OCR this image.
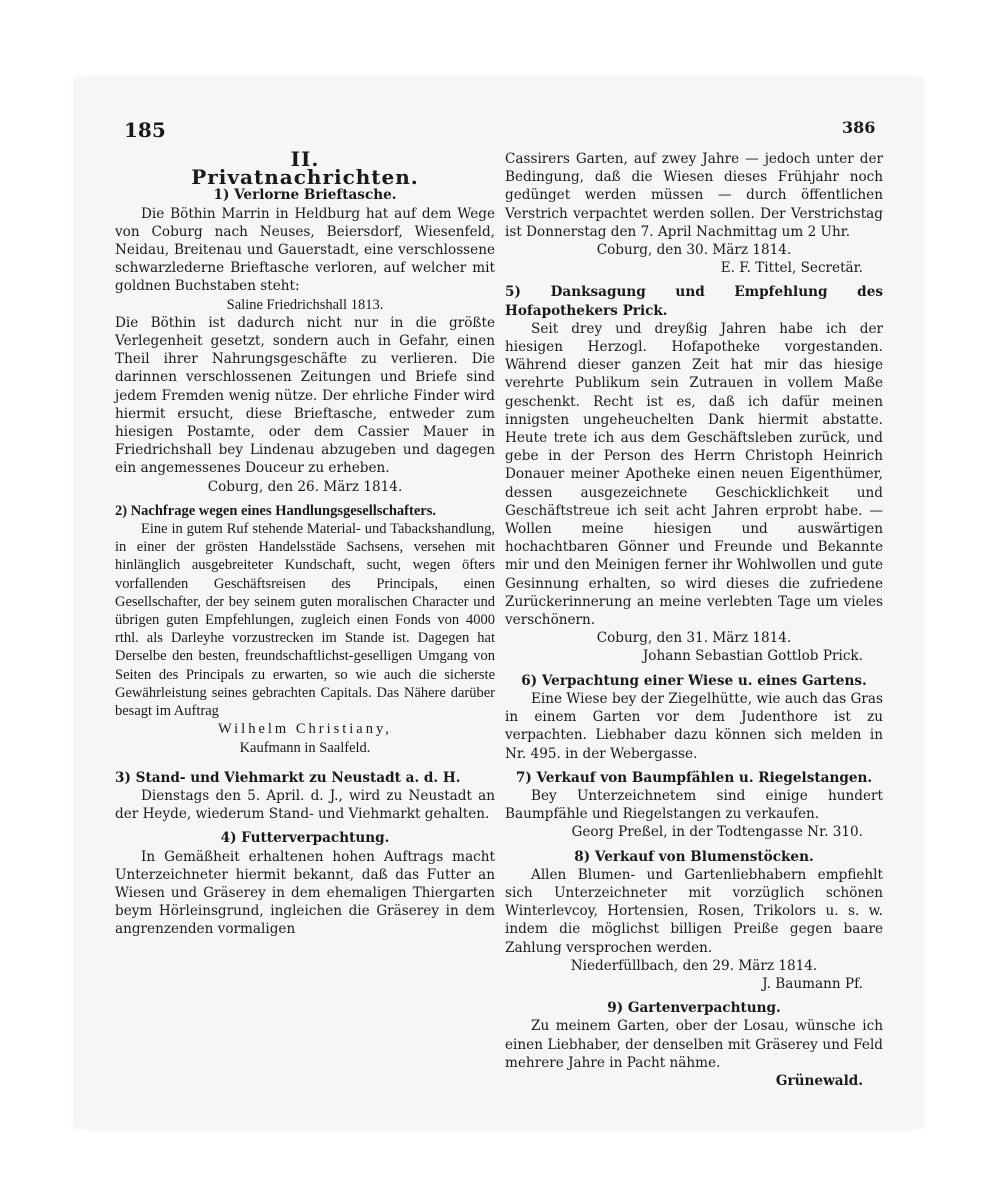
185	386
II.
Privatnachrichten.

1) Verlorne Brieftasche.

Die Böthin Marrin in Heldburg hat auf dem Wege von Coburg nach Neuses, Beiersdorf, Wiesenfeld, Neidau, Breitenau und Gauerstadt, eine verschlossene schwarzlederne Brieftasche verloren, auf welcher mit goldnen Buchstaben steht:

Saline Friedrichshall 1813.

Die Böthin ist dadurch nicht nur in die größte Verlegenheit gesetzt, sondern auch in Gefahr, einen Theil ihrer Nahrungsgeschäfte zu verlieren. Die darinnen verschlossenen Zeitungen und Briefe sind jedem Fremden wenig nütze. Der ehrliche Finder wird hiermit ersucht, diese Brieftasche, entweder zum hiesigen Postamte, oder dem Cassier Mauer in Friedrichshall bey Lindenau abzugeben und dagegen ein angemessenes Douceur zu erheben.

Coburg, den 26. März 1814.

2) Nachfrage wegen eines Handlungsgesellschafters.

Eine in gutem Ruf stehende Material- und Tabackshandlung, in einer der grösten Handelsstäde Sachsens, versehen mit hinlänglich ausgebreiteter Kundschaft, sucht, wegen öfters vorfallenden Geschäftsreisen des Principals, einen Gesellschafter, der bey seinem guten moralischen Character und übrigen guten Empfehlungen, zugleich einen Fonds von 4000 rthl. als Darleyhe vorzustrecken im Stande ist. Dagegen hat Derselbe den besten, freundschaftlichst-geselligen Umgang von Seiten des Principals zu erwarten, so wie auch die sicherste Gewährleistung seines gebrachten Capitals. Das Nähere darüber besagt im Auftrag

Wilhelm Christiany,

Kaufmann in Saalfeld.

3) Stand- und Viehmarkt zu Neustadt a. d. H.

Dienstags den 5. April. d. J., wird zu Neustadt an der Heyde, wiederum Stand- und Viehmarkt gehalten.

4) Futterverpachtung.

In Gemäßheit erhaltenen hohen Auftrags macht Unterzeichneter hiermit bekannt, daß das Futter an Wiesen und Gräserey in dem ehemaligen Thiergarten beym Hörleinsgrund, ingleichen die Gräserey in dem angrenzenden vormaligen

Cassirers Garten, auf zwey Jahre — jedoch unter der Bedingung, daß die Wiesen dieses Frühjahr noch gedünget werden müssen — durch öffentlichen Verstrich verpachtet werden sollen. Der Verstrichstag ist Donnerstag den 7. April Nachmittag um 2 Uhr.

Coburg, den 30. März 1814.

E. F. Tittel, Secretär.

5) Danksagung und Empfehlung des Hofapothekers Prick.

Seit drey und dreyßig Jahren habe ich der hiesigen Herzogl. Hofapotheke vorgestanden. Während dieser ganzen Zeit hat mir das hiesige verehrte Publikum sein Zutrauen in vollem Maße geschenkt. Recht ist es, daß ich dafür meinen innigsten ungeheuchelten Dank hiermit abstatte. Heute trete ich aus dem Geschäftsleben zurück, und gebe in der Person des Herrn Christoph Heinrich Donauer meiner Apotheke einen neuen Eigenthümer, dessen ausgezeichnete Geschicklichkeit und Geschäftstreue ich seit acht Jahren erprobt habe. — Wollen meine hiesigen und auswärtigen hochachtbaren Gönner und Freunde und Bekannte mir und den Meinigen ferner ihr Wohlwollen und gute Gesinnung erhalten, so wird dieses die zufriedene Zurückerinnerung an meine verlebten Tage um vieles verschönern.

Coburg, den 31. März 1814.

Johann Sebastian Gottlob Prick.

6) Verpachtung einer Wiese u. eines Gartens.

Eine Wiese bey der Ziegelhütte, wie auch das Gras in einem Garten vor dem Judenthore ist zu verpachten. Liebhaber dazu können sich melden in Nr. 495. in der Webergasse.

7) Verkauf von Baumpfählen u. Riegelstangen.

Bey Unterzeichnetem sind einige hundert Baumpfähle und Riegelstangen zu verkaufen.

Georg Preßel, in der Todtengasse Nr. 310.

8) Verkauf von Blumenstöcken.

Allen Blumen- und Gartenliebhabern empfiehlt sich Unterzeichneter mit vorzüglich schönen Winterlevcoy, Hortensien, Rosen, Trikolors u. s. w. indem die möglichst billigen Preiße gegen baare Zahlung versprochen werden.

Niederfüllbach, den 29. März 1814.

J. Baumann Pf.

9) Gartenverpachtung.

Zu meinem Garten, ober der Losau, wünsche ich einen Liebhaber, der denselben mit Gräserey und Feld mehrere Jahre in Pacht nähme.

Grünewald.
